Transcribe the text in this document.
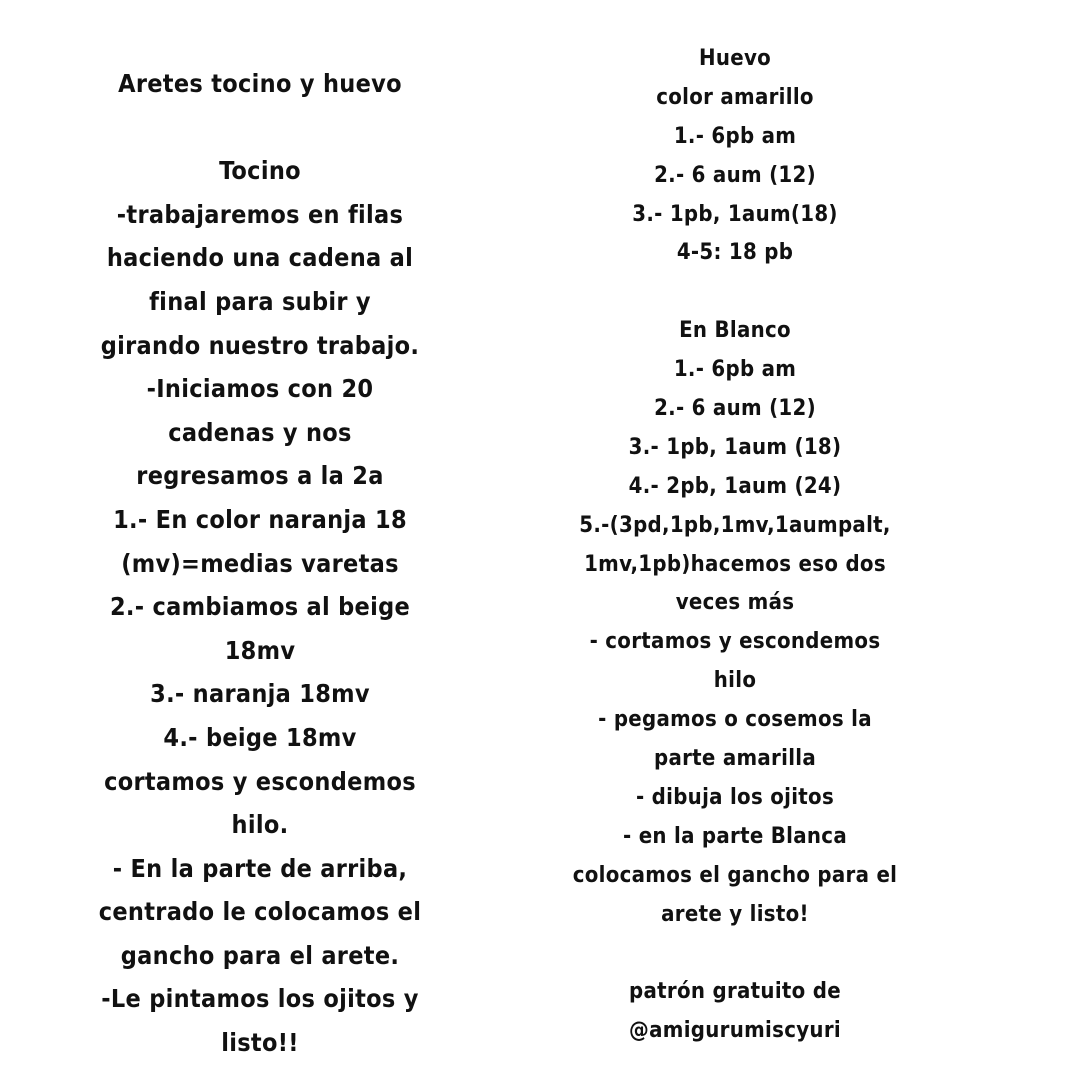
Aretes tocino y huevo
Tocino
-trabajaremos en filas
haciendo una cadena al
final para subir y
girando nuestro trabajo.
-Iniciamos con 20
cadenas y nos
regresamos a la 2a
1.- En color naranja 18
(mv)=medias varetas
2.- cambiamos al beige
18mv
3.- naranja 18mv
4.- beige 18mv
cortamos y escondemos
hilo.
- En la parte de arriba,
centrado le colocamos el
gancho para el arete.
-Le pintamos los ojitos y
listo!!
Huevo
color amarillo
1.- 6pb am
2.- 6 aum (12)
3.- 1pb, 1aum(18)
4-5: 18 pb
En Blanco
1.- 6pb am
2.- 6 aum (12)
3.- 1pb, 1aum (18)
4.- 2pb, 1aum (24)
5.-(3pd,1pb,1mv,1aumpalt,
1mv,1pb)hacemos eso dos
veces más
- cortamos y escondemos
hilo
- pegamos o cosemos la
parte amarilla
- dibuja los ojitos
- en la parte Blanca
colocamos el gancho para el
arete y listo!
patrón gratuito de
@amigurumiscyuri
